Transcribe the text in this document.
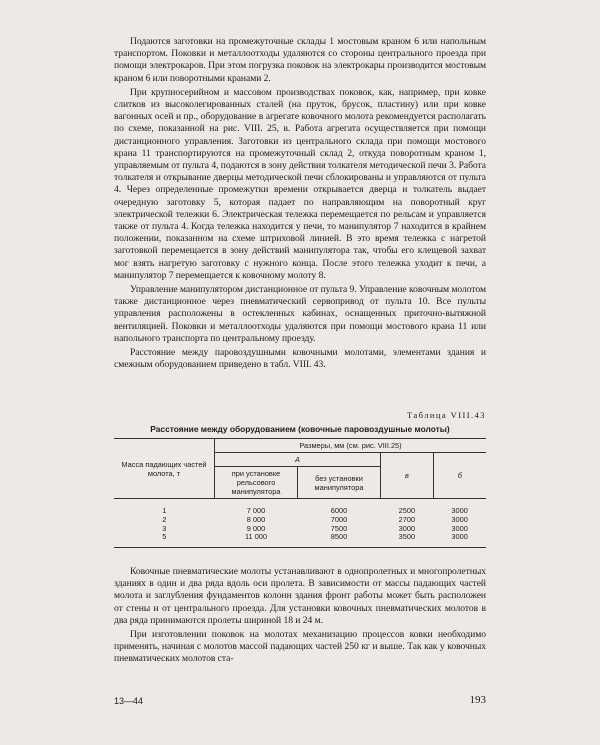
Подаются заготовки на промежуточные склады 1 мостовым краном 6 или напольным транспортом. Поковки и металлоотходы удаляются со стороны центрального проезда при помощи электрокаров. При этом погрузка поковок на электрокары производится мостовым краном 6 или поворотными кранами 2.

При крупносерийном и массовом производствах поковок, как, например, при ковке слитков из высоколегированных сталей (на пруток, брусок, пластину) или при ковке вагонных осей и пр., оборудование в агрегате ковочного молота рекомендуется располагать по схеме, показанной на рис. VIII. 25, в. Работа агрегата осуществляется при помощи дистанционного управления. Заготовки из центрального склада при помощи мостового крана 11 транспортируются на промежуточный склад 2, откуда поворотным краном 1, управляемым от пульта 4, подаются в зону действия толкателя методической печи 3. Работа толкателя и открывание дверцы методической печи сблокированы и управляются от пульта 4. Через определенные промежутки времени открывается дверца и толкатель выдает очередную заготовку 5, которая падает по направляющим на поворотный круг электрической тележки 6. Электрическая тележка перемещается по рельсам и управляется также от пульта 4. Когда тележка находится у печи, то манипулятор 7 находится в крайнем положении, показанном на схеме штриховой линией. В это время тележка с нагретой заготовкой перемещается в зону действий манипулятора так, чтобы его клещевой захват мог взять нагретую заготовку с нужного конца. После этого тележка уходит к печи, а манипулятор 7 перемещается к ковочному молоту 8.

Управление манипулятором дистанционное от пульта 9. Управление ковочным молотом также дистанционное через пневматический сервопривод от пульта 10. Все пульты управления расположены в остекленных кабинах, оснащенных приточно-вытяжной вентиляцией. Поковки и металлоотходы удаляются при помощи мостового крана 11 или напольного транспорта по центральному проезду.

Расстояние между паровоздушными ковочными молотами, элементами здания и смежным оборудованием приведено в табл. VIII. 43.

Таблица VIII.43
Расстояние между оборудованием (ковочные паровоздушные молоты)
Масса падающих частей молота, т	Размеры, мм (см. рис. VIII.25)			
	А		в	б
	при установке рельсового манипулятора	без установки манипулятора		
1	7 000	6000	2500	3000
2	8 000	7000	2700	3000
3	9 000	7500	3000	3000
5	11 000	8500	3500	3000

Ковочные пневматические молоты устанавливают в однопролетных и многопролетных зданиях в один и два ряда вдоль оси пролета. В зависимости от массы падающих частей молота и заглубления фундаментов колонн здания фронт работы может быть расположен от стены и от центрального проезда. Для установки ковочных пневматических молотов в два ряда принимаются пролеты шириной 18 и 24 м.

При изготовлении поковок на молотах механизацию процессов ковки необходимо применять, начиная с молотов массой падающих частей 250 кг и выше. Так как у ковочных пневматических молотов ста-

13—44	193
